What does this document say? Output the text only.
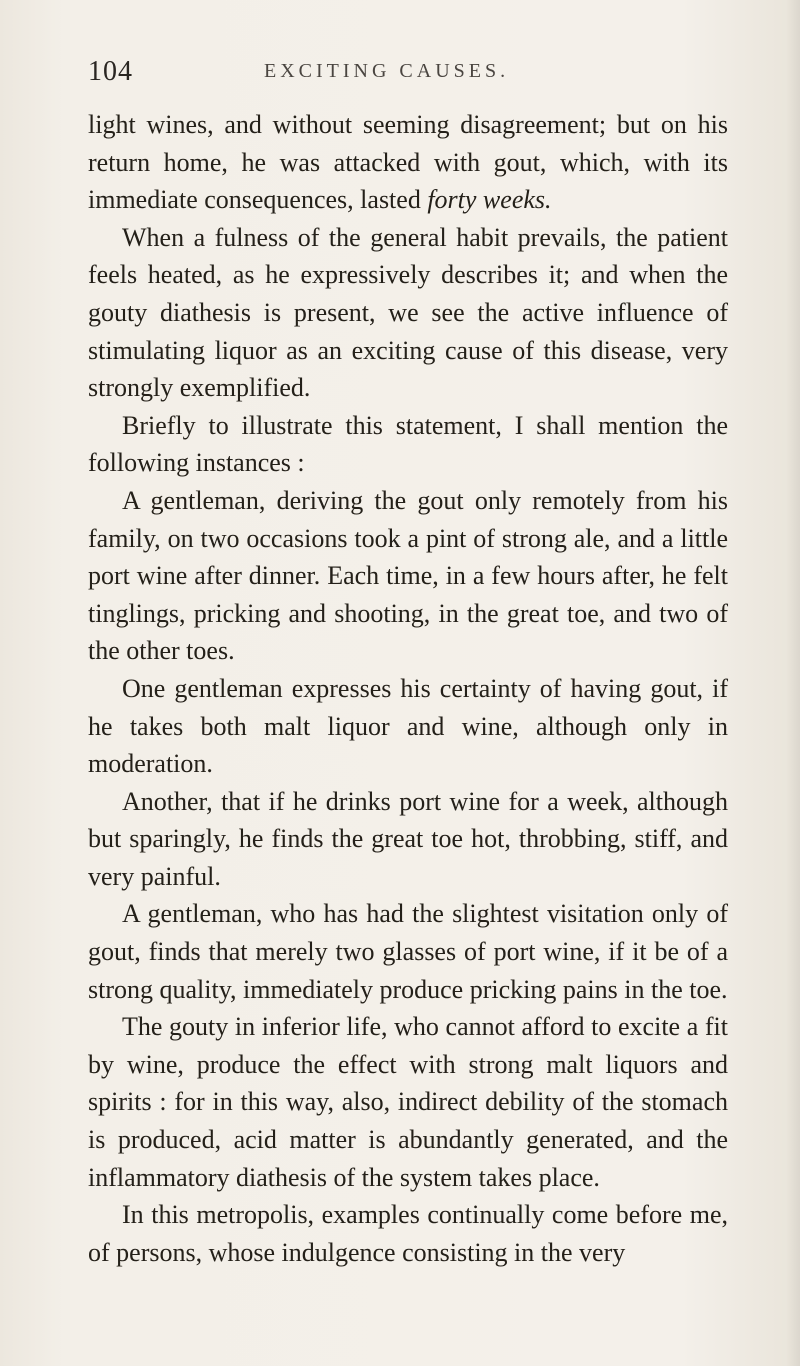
104	EXCITING CAUSES.

light wines, and without seeming disagreement; but on his return home, he was attacked with gout, which, with its immediate consequences, lasted forty weeks.

When a fulness of the general habit prevails, the patient feels heated, as he expressively describes it; and when the gouty diathesis is present, we see the active influence of stimulating liquor as an exciting cause of this disease, very strongly exemplified.

Briefly to illustrate this statement, I shall mention the following instances :

A gentleman, deriving the gout only remotely from his family, on two occasions took a pint of strong ale, and a little port wine after dinner. Each time, in a few hours after, he felt tinglings, pricking and shooting, in the great toe, and two of the other toes.

One gentleman expresses his certainty of having gout, if he takes both malt liquor and wine, although only in moderation.

Another, that if he drinks port wine for a week, although but sparingly, he finds the great toe hot, throbbing, stiff, and very painful.

A gentleman, who has had the slightest visitation only of gout, finds that merely two glasses of port wine, if it be of a strong quality, immediately produce pricking pains in the toe.

The gouty in inferior life, who cannot afford to excite a fit by wine, produce the effect with strong malt liquors and spirits : for in this way, also, indirect debility of the stomach is produced, acid matter is abundantly generated, and the inflammatory diathesis of the system takes place.

In this metropolis, examples continually come before me, of persons, whose indulgence consisting in the very
